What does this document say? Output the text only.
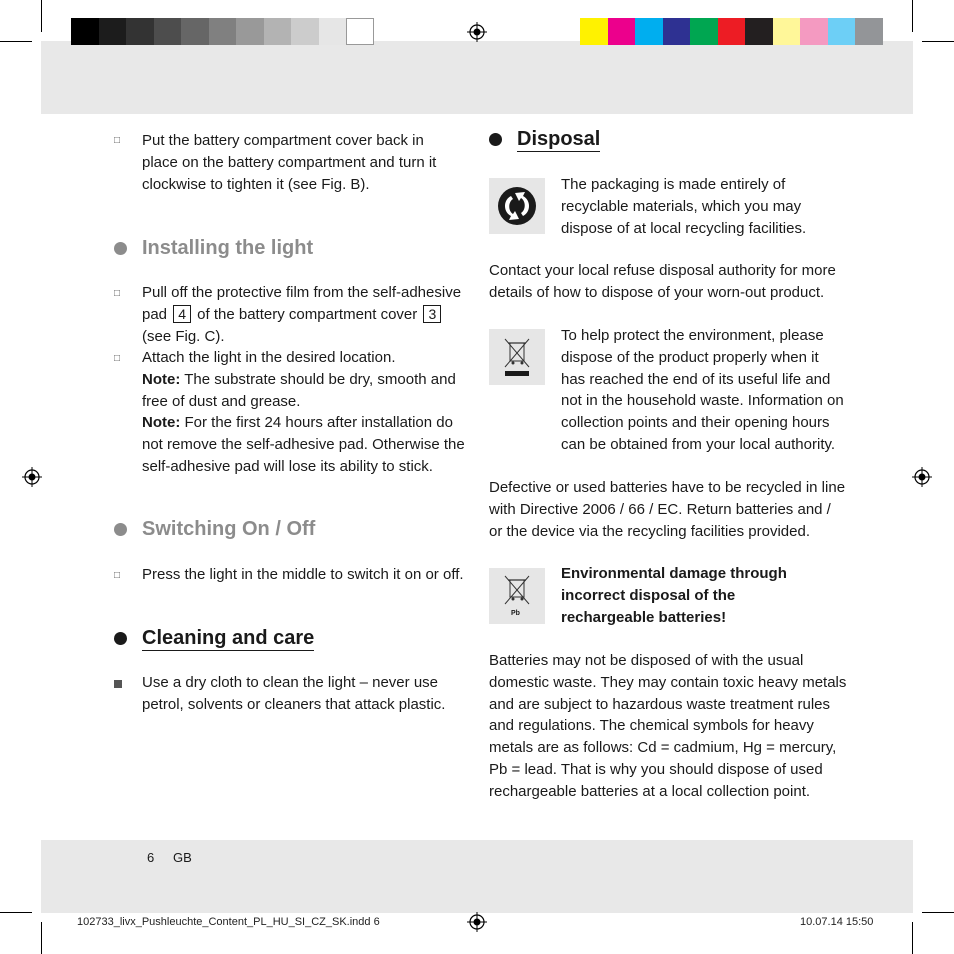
□ Put the battery compartment cover back in place on the battery compartment and turn it clockwise to tighten it (see Fig. B).
Installing the light
□ Pull off the protective film from the self-adhesive pad 4 of the battery compartment cover 3 (see Fig. C).
□ Attach the light in the desired location.
Note: The substrate should be dry, smooth and free of dust and grease.
Note: For the first 24 hours after installation do not remove the self-adhesive pad. Otherwise the self-adhesive pad will lose its ability to stick.
Switching On / Off
□ Press the light in the middle to switch it on or off.
Cleaning and care
Use a dry cloth to clean the light – never use petrol, solvents or cleaners that attack plastic.
Disposal
The packaging is made entirely of recyclable materials, which you may dispose of at local recycling facilities.
Contact your local refuse disposal authority for more details of how to dispose of your worn-out product.
To help protect the environment, please dispose of the product properly when it has reached the end of its useful life and not in the household waste. Information on collection points and their opening hours can be obtained from your local authority.
Defective or used batteries have to be recycled in line with Directive 2006 / 66 / EC. Return batteries and / or the device via the recycling facilities provided.
Pb
Environmental damage through incorrect disposal of the rechargeable batteries!
Batteries may not be disposed of with the usual domestic waste. They may contain toxic heavy metals and are subject to hazardous waste treatment rules and regulations. The chemical symbols for heavy metals are as follows: Cd = cadmium, Hg = mercury, Pb = lead. That is why you should dispose of used rechargeable batteries at a local collection point.
6 GB
102733_livx_Pushleuchte_Content_PL_HU_SI_CZ_SK.indd 6	10.07.14 15:50
